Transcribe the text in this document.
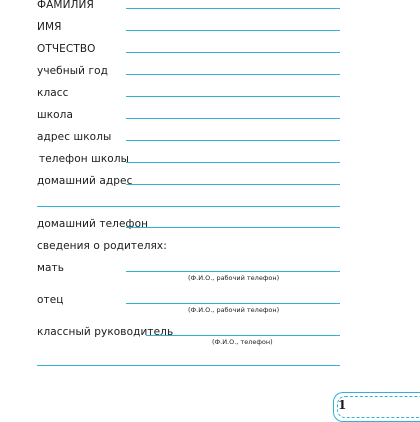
ФАМИЛИЯ
ИМЯ
ОТЧЕСТВО
учебный год
класс
школа
адрес школы
телефон школы
домашний адрес
домашний телефон
сведения о родителях:
мать
(Ф.И.О., рабочий телефон)
отец
(Ф.И.О., рабочий телефон)
классный руководитель
(Ф.И.О., телефон)
1
